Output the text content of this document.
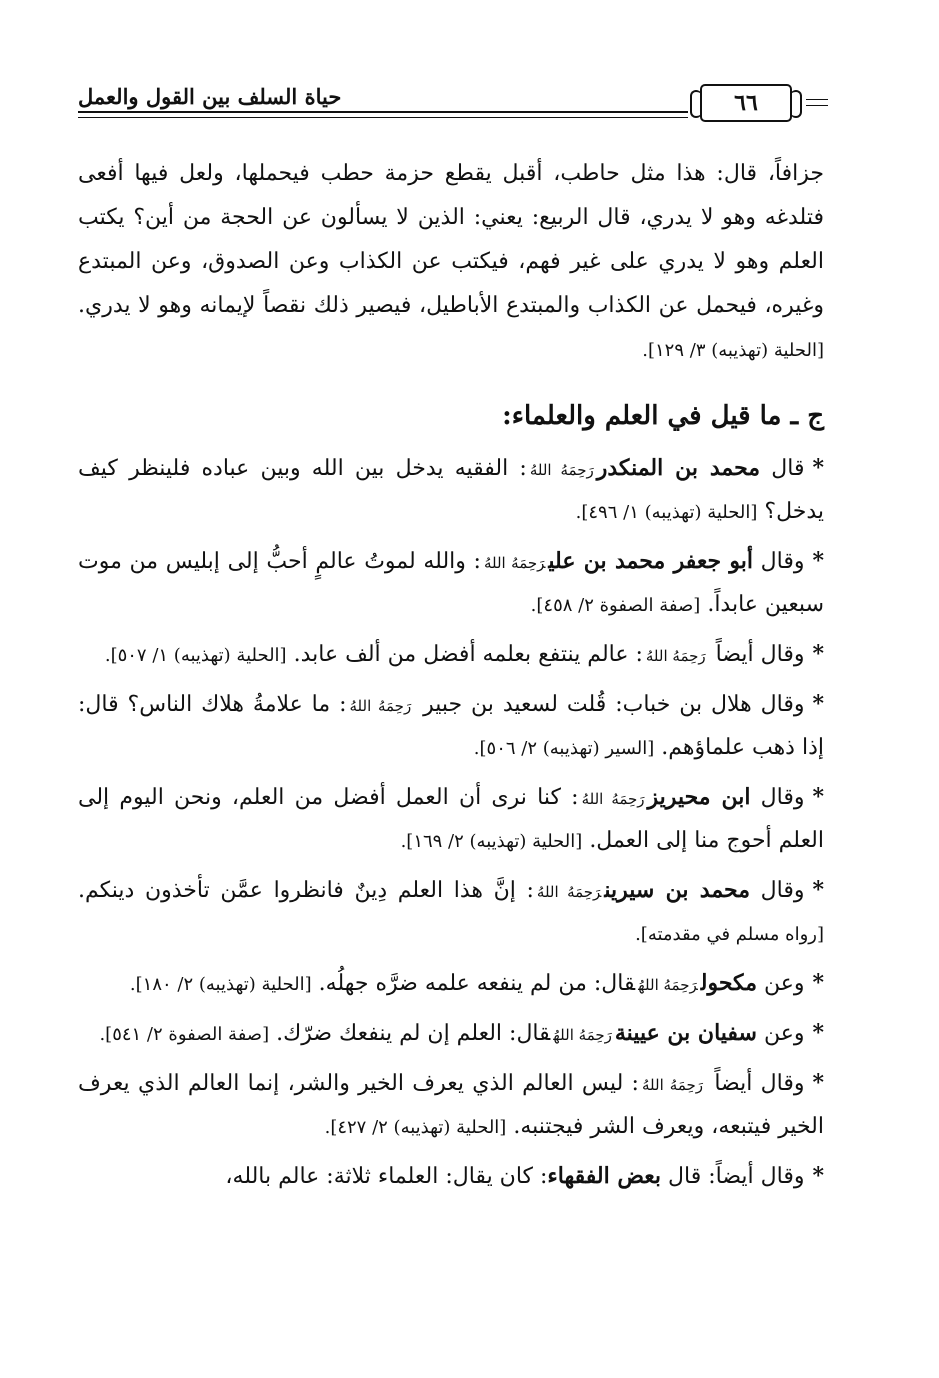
حياة السلف بين القول والعمل	٦٦

جزافاً، قال: هذا مثل حاطب، أقبل يقطع حزمة حطب فيحملها، ولعل فيها أفعى فتلدغه وهو لا يدري، قال الربيع: يعني: الذين لا يسألون عن الحجة من أين؟ يكتب العلم وهو لا يدري على غير فهم، فيكتب عن الكذاب وعن الصدوق، وعن المبتدع وغيره، فيحمل عن الكذاب والمبتدع الأباطيل، فيصير ذلك نقصاً لإيمانه وهو لا يدري. [الحلية (تهذيبه) ٣/ ١٢٩].

ج ـ ما قيل في العلم والعلماء:

*قال محمد بن المنكدررَحِمَهُ اللهُ: الفقيه يدخل بين الله وبين عباده فلينظر كيف يدخل؟ [الحلية (تهذيبه) ١/ ٤٩٦].

*وقال أبو جعفر محمد بن عليرَحِمَهُ اللهُ: والله لموتُ عالمٍ أحبُّ إلى إبليس من موت سبعين عابداً. [صفة الصفوة ٢/ ٤٥٨].

*وقال أيضاً رَحِمَهُ اللهُ: عالم ينتفع بعلمه أفضل من ألف عابد. [الحلية (تهذيبه) ١/ ٥٠٧].

*وقال هلال بن خباب: قُلت لسعيد بن جبير رَحِمَهُ اللهُ: ما علامةُ هلاك الناس؟ قال: إذا ذهب علماؤهم. [السير (تهذيبه) ٢/ ٥٠٦].

*وقال ابن محيريزرَحِمَهُ اللهُ: كنا نرى أن العمل أفضل من العلم، ونحن اليوم إلى العلم أحوج منا إلى العمل. [الحلية (تهذيبه) ٢/ ١٦٩].

*وقال محمد بن سيرينرَحِمَهُ اللهُ: إنَّ هذا العلم دِينٌ فانظروا عمَّن تأخذون دينكم. [رواه مسلم في مقدمته].

*وعن مكحولرَحِمَهُ اللهُقال: من لم ينفعه علمه ضرَّه جهلُه. [الحلية (تهذيبه) ٢/ ١٨٠].

*وعن سفيان بن عيينةرَحِمَهُ اللهُقال: العلم إن لم ينفعك ضرّك. [صفة الصفوة ٢/ ٥٤١].

*وقال أيضاً رَحِمَهُ اللهُ: ليس العالم الذي يعرف الخير والشر، إنما العالم الذي يعرف الخير فيتبعه، ويعرف الشر فيجتنبه. [الحلية (تهذيبه) ٢/ ٤٢٧].

*وقال أيضاً: قال بعض الفقهاء: كان يقال: العلماء ثلاثة: عالم بالله،
